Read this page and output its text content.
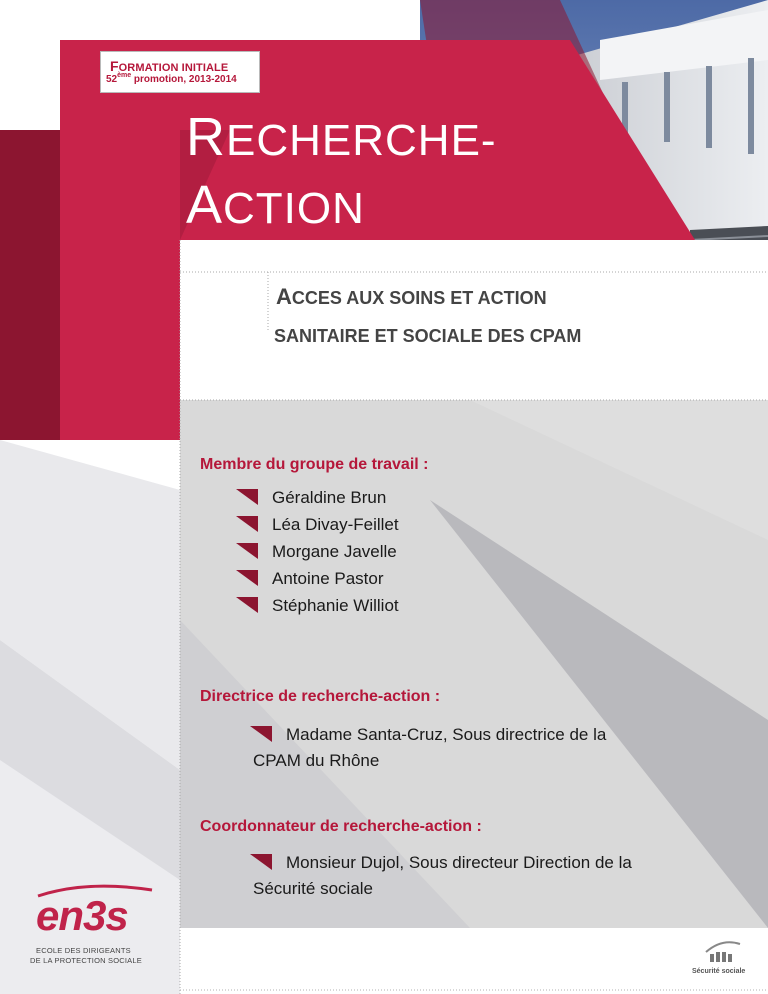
FORMATION INITIALE
52ème promotion, 2013-2014
RECHERCHE-
ACTION
ACCES AUX SOINS ET ACTION
SANITAIRE ET SOCIALE DES CPAM
Membre du groupe de travail :
Géraldine Brun
Léa Divay-Feillet
Morgane Javelle
Antoine Pastor
Stéphanie Williot
Directrice de recherche-action :
Madame Santa-Cruz, Sous directrice de la
CPAM du Rhône
Coordonnateur de recherche-action :
Monsieur Dujol, Sous directeur Direction de la
Sécurité sociale
en3s
ECOLE DES DIRIGEANTS
DE LA PROTECTION SOCIALE
Sécurité sociale
